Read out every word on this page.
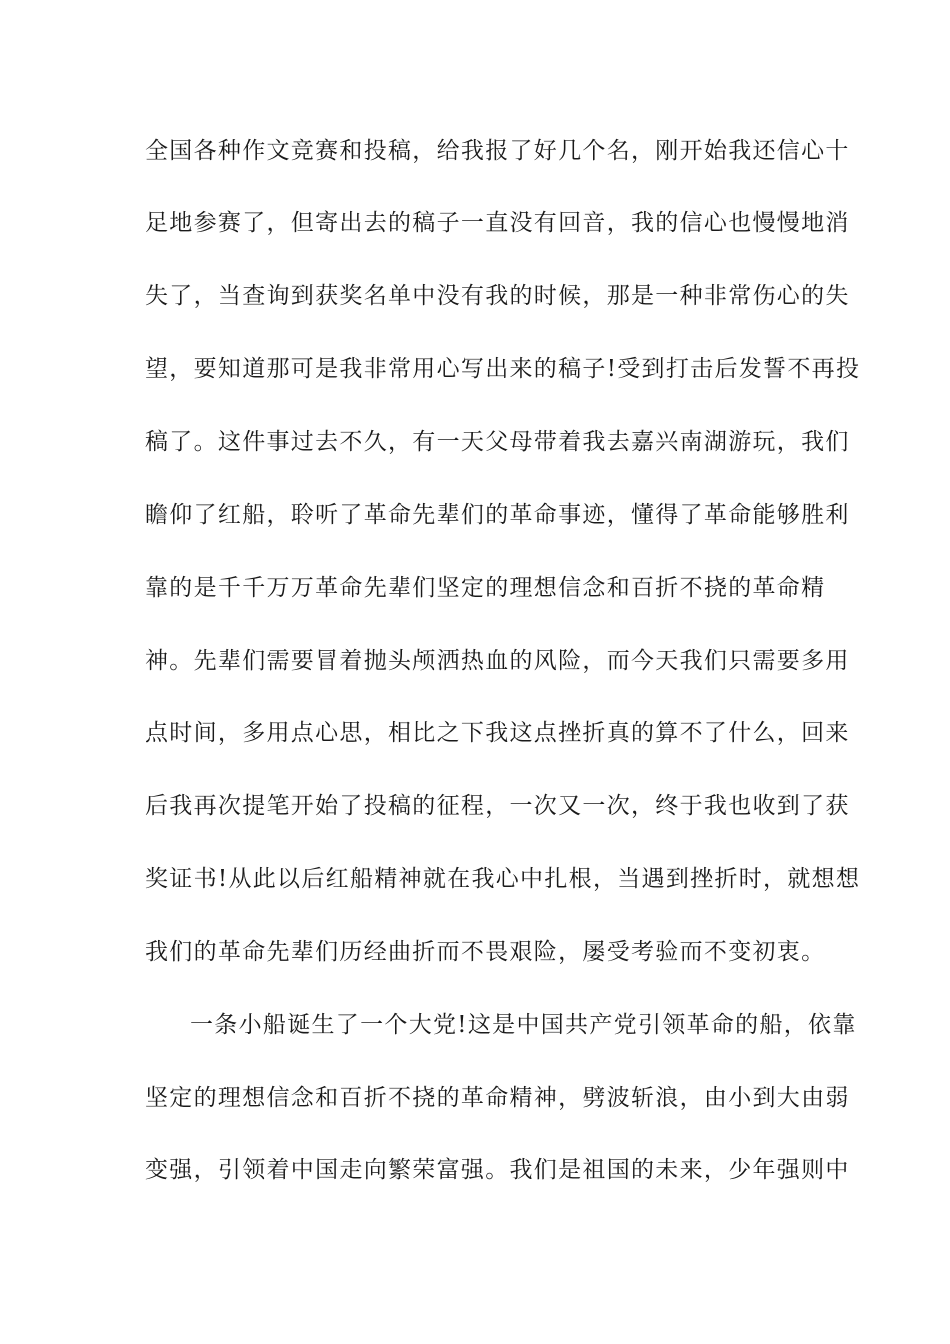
全国各种作文竞赛和投稿，给我报了好几个名，刚开始我还信心十
足地参赛了，但寄出去的稿子一直没有回音，我的信心也慢慢地消
失了，当查询到获奖名单中没有我的时候，那是一种非常伤心的失
望，要知道那可是我非常用心写出来的稿子!受到打击后发誓不再投
稿了。这件事过去不久，有一天父母带着我去嘉兴南湖游玩，我们
瞻仰了红船，聆听了革命先辈们的革命事迹，懂得了革命能够胜利
靠的是千千万万革命先辈们坚定的理想信念和百折不挠的革命精
神。先辈们需要冒着抛头颅洒热血的风险，而今天我们只需要多用
点时间，多用点心思，相比之下我这点挫折真的算不了什么，回来
后我再次提笔开始了投稿的征程，一次又一次，终于我也收到了获
奖证书!从此以后红船精神就在我心中扎根，当遇到挫折时，就想想
我们的革命先辈们历经曲折而不畏艰险，屡受考验而不变初衷。
一条小船诞生了一个大党!这是中国共产党引领革命的船，依靠
坚定的理想信念和百折不挠的革命精神，劈波斩浪，由小到大由弱
变强，引领着中国走向繁荣富强。我们是祖国的未来，少年强则中
